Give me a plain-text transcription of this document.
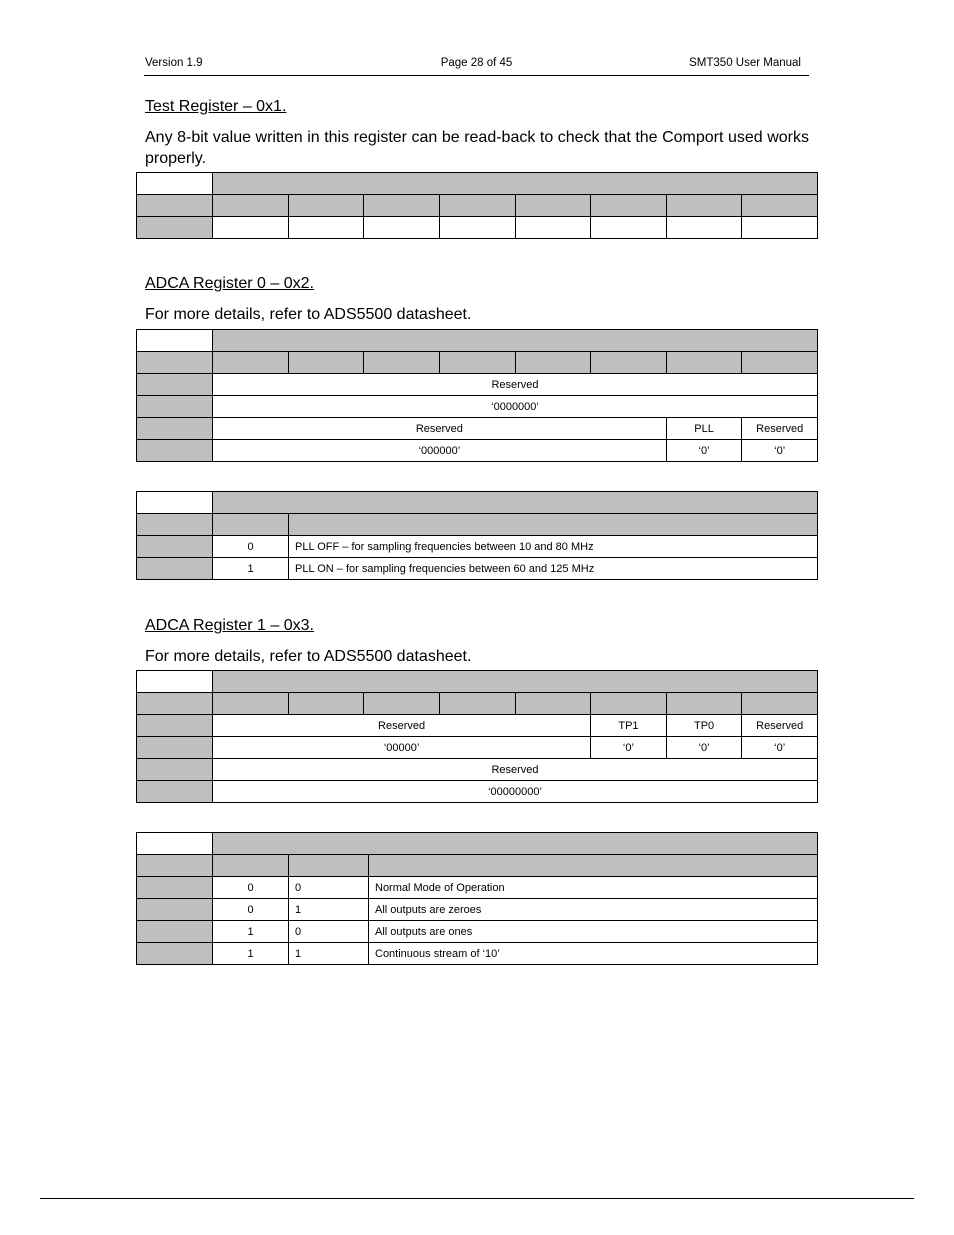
Version 1.9	Page 28 of 45	SMT350 User Manual
Test Register – 0x1.

Any 8-bit value written in this register can be read-back to check that the Comport used works properly.

ADCA Register 0 – 0x2.

For more details, refer to ADS5500 datasheet.

	Reserved							
	‘0000000’							
	Reserved						PLL	Reserved
	‘000000’						‘0’	‘0’

	0	PLL OFF – for sampling frequencies between 10 and 80 MHz
	1	PLL ON – for sampling frequencies between 60 and 125 MHz
ADCA Register 1 – 0x3.

For more details, refer to ADS5500 datasheet.

	Reserved					TP1	TP0	Reserved
	‘00000’					‘0’	‘0’	‘0’
	Reserved							
	‘00000000’							

	0	0	Normal Mode of Operation
	0	1	All outputs are zeroes
	1	0	All outputs are ones
	1	1	Continuous stream of ‘10’
